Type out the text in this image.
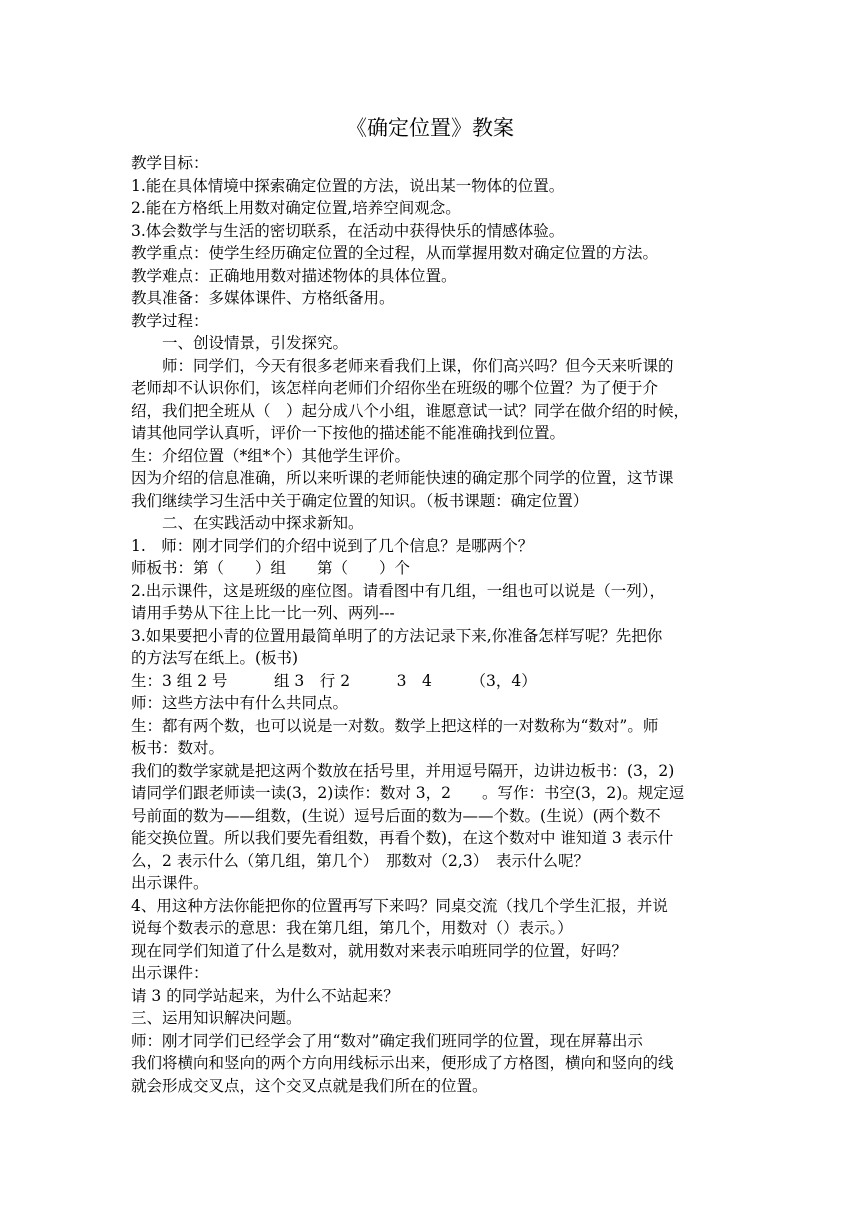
《确定位置》教案
教学目标：
1.能在具体情境中探索确定位置的方法，说出某一物体的位置。
2.能在方格纸上用数对确定位置,培养空间观念。
3.体会数学与生活的密切联系，在活动中获得快乐的情感体验。
教学重点：使学生经历确定位置的全过程，从而掌握用数对确定位置的方法。
教学难点：正确地用数对描述物体的具体位置。
教具准备：多媒体课件、方格纸备用。
教学过程：
一、创设情景，引发探究。
师：同学们，今天有很多老师来看我们上课，你们高兴吗？但今天来听课的
老师却不认识你们，该怎样向老师们介绍你坐在班级的哪个位置？为了便于介
绍，我们把全班从（　）起分成八个小组，谁愿意试一试？同学在做介绍的时候，
请其他同学认真听，评价一下按他的描述能不能准确找到位置。
生：介绍位置（*组*个）其他学生评价。
因为介绍的信息准确，所以来听课的老师能快速的确定那个同学的位置，这节课
我们继续学习生活中关于确定位置的知识。（板书课题：确定位置）
二、在实践活动中探求新知。
1.　师：刚才同学们的介绍中说到了几个信息？是哪两个？
师板书：第（　　）组　　第（　　）个
2.出示课件，这是班级的座位图。请看图中有几组，一组也可以说是（一列），
请用手势从下往上比一比一列、两列---
3.如果要把小青的位置用最简单明了的方法记录下来,你准备怎样写呢？先把你
的方法写在纸上。(板书)
生：3 组 2 号　　　组 3　行 2　　　3　4　　　（3，4）
师：这些方法中有什么共同点。
生：都有两个数，也可以说是一对数。数学上把这样的一对数称为“数对”。师
板书：数对。
我们的数学家就是把这两个数放在括号里，并用逗号隔开，边讲边板书：(3，2)
请同学们跟老师读一读(3，2)读作：数对 3，2　　。写作：书空(3，2)。规定逗
号前面的数为——组数，(生说）逗号后面的数为——个数。(生说）(两个数不
能交换位置。所以我们要先看组数，再看个数)，在这个数对中 谁知道 3 表示什
么，2 表示什么（第几组，第几个）　那数对（2,3）　表示什么呢？
出示课件。
4、用这种方法你能把你的位置再写下来吗？同桌交流（找几个学生汇报，并说
说每个数表示的意思：我在第几组，第几个，用数对（）表示。）
现在同学们知道了什么是数对，就用数对来表示咱班同学的位置，好吗？
出示课件：
请 3 的同学站起来，为什么不站起来？
三、运用知识解决问题。
师：刚才同学们已经学会了用“数对”确定我们班同学的位置，现在屏幕出示
我们将横向和竖向的两个方向用线标示出来，便形成了方格图，横向和竖向的线
就会形成交叉点，这个交叉点就是我们所在的位置。
